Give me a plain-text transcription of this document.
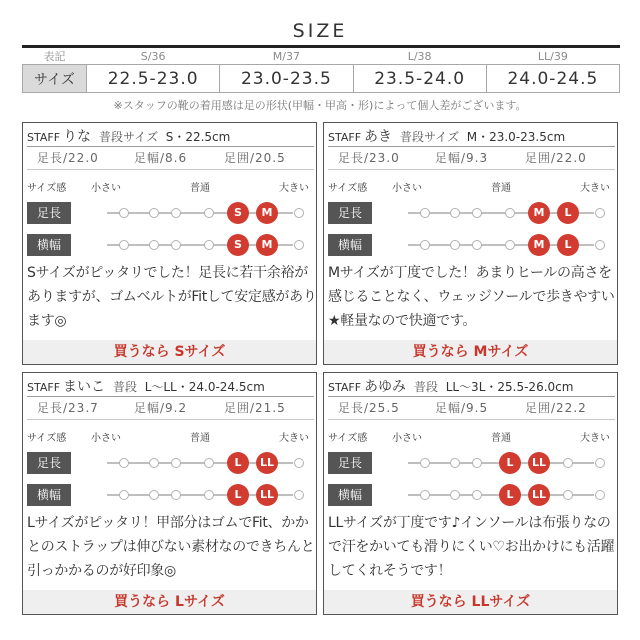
SIZE
表記	S/36	M/37	L/38	LL/39
サイズ	22.5-23.0	23.0-23.5	23.5-24.0	24.0-24.5
※スタッフの靴の着用感は足の形状(甲幅・甲高・形)によって個人差がございます。
STAFF りな 普段サイズ S・22.5cm
足長/22.0	足幅/8.6	足囲/20.5
サイズ感 小さい	普通	大きい
足長	S	M
横幅	S	M
Sサイズがピッタリでした！足長に若干余裕がありますが、ゴムベルトがFitして安定感があります◎
買うなら Sサイズ
STAFF あき 普段サイズ M・23.0-23.5cm
足長/23.0	足幅/9.3	足囲/22.0
サイズ感 小さい	普通	大きい
足長	M	L
横幅	M	L
Mサイズが丁度でした！あまりヒールの高さを感じることなく、ウェッジソールで歩きやすい★軽量なので快適です。
買うなら Mサイズ
STAFF まいこ 普段 L〜LL・24.0-24.5cm
足長/23.7	足幅/9.2	足囲/21.5
サイズ感 小さい	普通	大きい
足長	L	LL
横幅	L	LL
Lサイズがピッタリ！甲部分はゴムでFit、かかとのストラップは伸びない素材なのできちんと引っかかるのが好印象◎
買うなら Lサイズ
STAFF あゆみ 普段 LL〜3L・25.5-26.0cm
足長/25.5	足幅/9.5	足囲/22.2
サイズ感 小さい	普通	大きい
足長	L	LL
横幅	L	LL
LLサイズが丁度です♪インソールは布張りなので汗をかいても滑りにくい♡お出かけにも活躍してくれそうです！
買うなら LLサイズ
